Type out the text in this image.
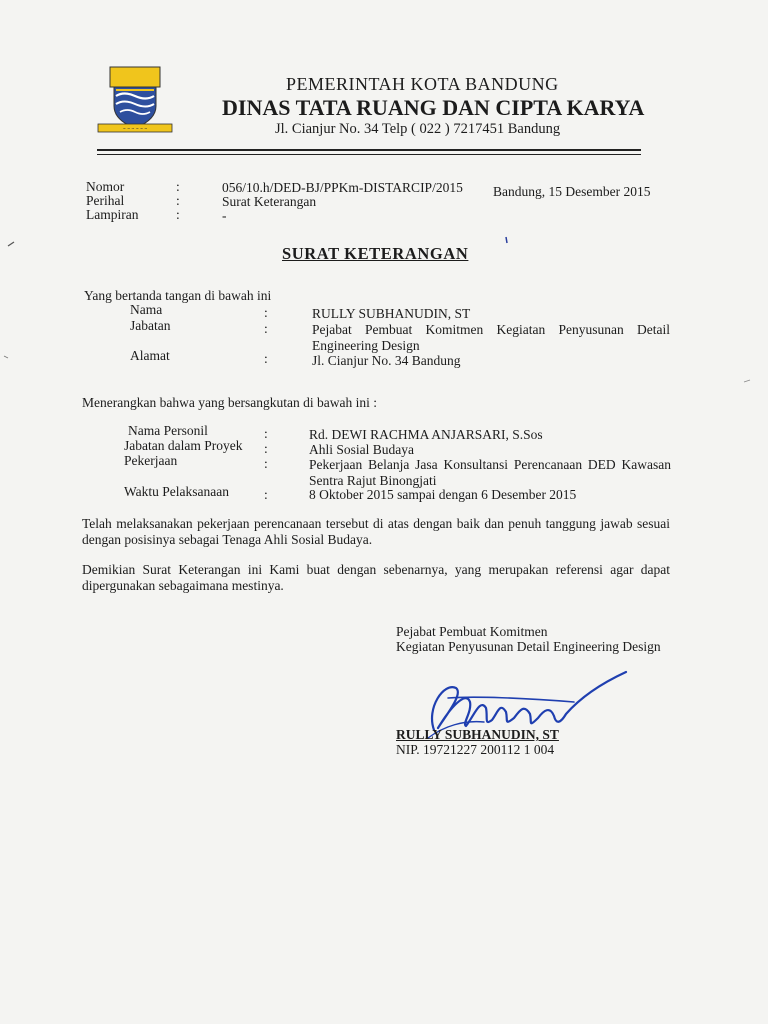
~ ~ ~ ~ ~ ~
PEMERINTAH KOTA BANDUNG
DINAS TATA RUANG DAN CIPTA KARYA
Jl. Cianjur No. 34 Telp ( 022 ) 7217451 Bandung
Nomor	:	056/10.h/DED-BJ/PPKm-DISTARCIP/2015 Bandung, 15 Desember 2015
Perihal	:	Surat Keterangan
Lampiran	:	-
SURAT KETERANGAN
Yang bertanda tangan di bawah ini
Nama	:	RULLY SUBHANUDIN, ST
Jabatan	:	Pejabat Pembuat Komitmen Kegiatan Penyusunan Detail Engineering Design
Alamat	:	Jl. Cianjur No. 34 Bandung
Menerangkan bahwa yang bersangkutan di bawah ini :
Nama Personil	:	Rd. DEWI RACHMA ANJARSARI, S.Sos
Jabatan dalam Proyek :	Ahli Sosial Budaya
Pekerjaan	:	Pekerjaan Belanja Jasa Konsultansi Perencanaan DED Kawasan Sentra Rajut Binongjati
Waktu Pelaksanaan	:	8 Oktober 2015 sampai dengan 6 Desember 2015
Telah melaksanakan pekerjaan perencanaan tersebut di atas dengan baik dan penuh tanggung jawab sesuai dengan posisinya sebagai Tenaga Ahli Sosial Budaya.
Demikian Surat Keterangan ini Kami buat dengan sebenarnya, yang merupakan referensi agar dapat dipergunakan sebagaimana mestinya.
Pejabat Pembuat Komitmen
Kegiatan Penyusunan Detail Engineering Design
RULLY SUBHANUDIN, ST
NIP. 19721227 200112 1 004
